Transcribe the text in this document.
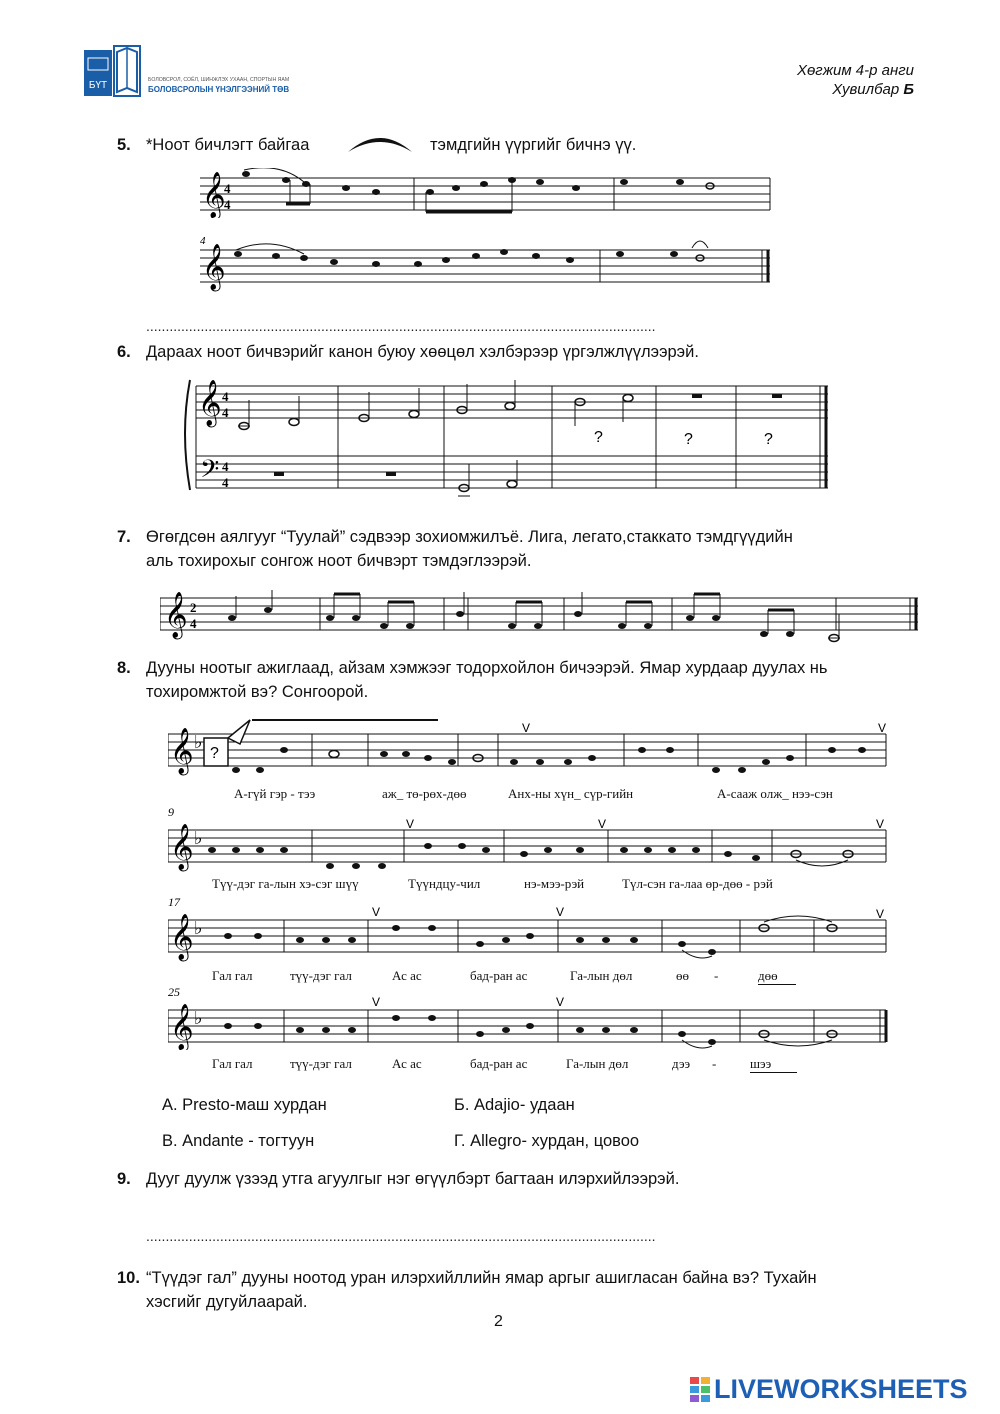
БҮТ	БОЛОВСРОЛ, СОЁЛ, ШИНЖЛЭХ УХААН, СПОРТЫН ЯАМ
БОЛОВСРОЛЫН ҮНЭЛГЭЭНИЙ ТӨВ
Хөгжим 4-р анги
Хувилбар Б
5. *Ноот бичлэгт байгаа	тэмдгийн үүргийг бичнэ үү.
𝄞
4
4
4
𝄞
...................................................................................................................................
6. Дараах ноот бичвэрийг канон буюу хөөцөл хэлбэрээр үргэлжлүүлээрэй.
𝄞
𝄢
4
4
4
4
?	?	?
7. Өгөгдсөн аялгууг “Туулай” сэдвээр зохиомжилъё. Лига, легато,стаккато тэмдгүүдийн
аль тохирохыг сонгож ноот бичвэрт тэмдэглээрэй.
𝄞 2
4
8. Дууны ноотыг ажиглаад, айзам хэмжээг тодорхойлон бичээрэй. Ямар хурдаар дуулах нь
тохиромжтой вэ? Сонгоорой.
𝄞 ♭
?
V	V
А-гүй гэр - тээ	аж_ тө-рөх-дөө	Анх-ны хүн_ сүр-гийн	А-сааж олж_ нээ-сэн
9
𝄞 ♭
V	V	V
Түү-дэг га-лын хэ-сэг шүү	Түүндцу-чил	нэ-мээ-рэй	Түл-сэн га-лаа өр-дөө - рэй
17
𝄞 ♭
V	V	V
Гал гал	түү-дэг гал	Ас ас	бад-ран ас	Га-лын дөл	өө -	дөө
25
𝄞 ♭
V	V
Гал гал	түү-дэг гал	Ас ас	бад-ран ас	Га-лын дөл	дээ -	шээ
А. Presto-маш хурдан	Б. Adajio- удаан
В. Andante - тогтуун	Г. Allegro- хурдан, цовоо
9. Дууг дуулж үзээд утга агуулгыг нэг өгүүлбэрт багтаан илэрхийлээрэй.
...................................................................................................................................
10. “Түүдэг гал” дууны ноотод уран илэрхийллийн ямар аргыг ашигласан байна вэ? Тухайн
хэсгийг дугуйлаарай.
2
LIVEWORKSHEETS
